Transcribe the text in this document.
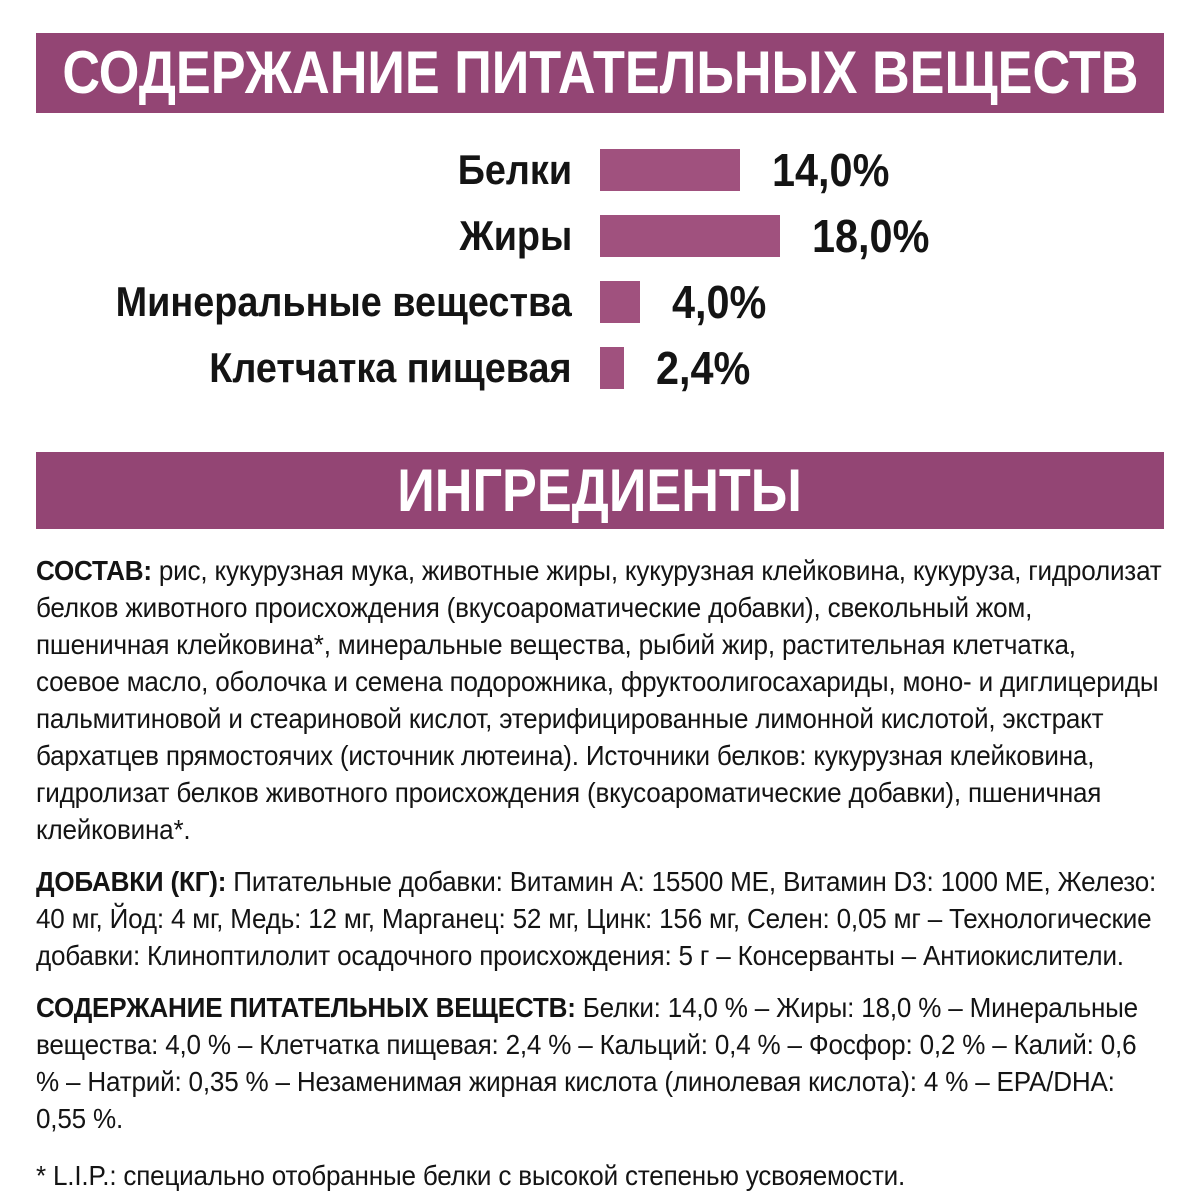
СОДЕРЖАНИЕ ПИТАТЕЛЬНЫХ ВЕЩЕСТВ
Белки	14,0%
Жиры	18,0%
Минеральные вещества 4,0%
Клетчатка пищевая 2,4%
ИНГРЕДИЕНТЫ

СОСТАВ: рис, кукурузная мука, животные жиры, кукурузная клейковина, кукуруза, гидролизат белков животного происхождения (вкусоароматические добавки), свекольный жом, пшеничная клейковина*, минеральные вещества, рыбий жир, растительная клетчатка, соевое масло, оболочка и семена подорожника, фруктоолигосахариды, моно- и диглицериды пальмитиновой и стеариновой кислот, этерифицированные лимонной кислотой, экстракт бархатцев прямостоячих (источник лютеина). Источники белков: кукурузная клейковина, гидролизат белков животного происхождения (вкусоароматические добавки), пшеничная клейковина*.

ДОБАВКИ (КГ): Питательные добавки: Витамин A: 15500 МЕ, Витамин D3: 1000 МЕ, Железо: 40 мг, Йод: 4 мг, Медь: 12 мг, Марганец: 52 мг, Цинк: 156 мг, Селен: 0,05 мг – Технологические добавки: Клиноптилолит осадочного происхождения: 5 г – Консерванты – Антиокислители.

СОДЕРЖАНИЕ ПИТАТЕЛЬНЫХ ВЕЩЕСТВ: Белки: 14,0 % – Жиры: 18,0 % – Минеральные вещества: 4,0 % – Клетчатка пищевая: 2,4 % – Кальций: 0,4 % – Фосфор: 0,2 % – Калий: 0,6 % – Натрий: 0,35 % – Незаменимая жирная кислота (линолевая кислота): 4 % – EPA/DHA: 0,55 %.

* L.I.P.: специально отобранные белки с высокой степенью усвояемости.
